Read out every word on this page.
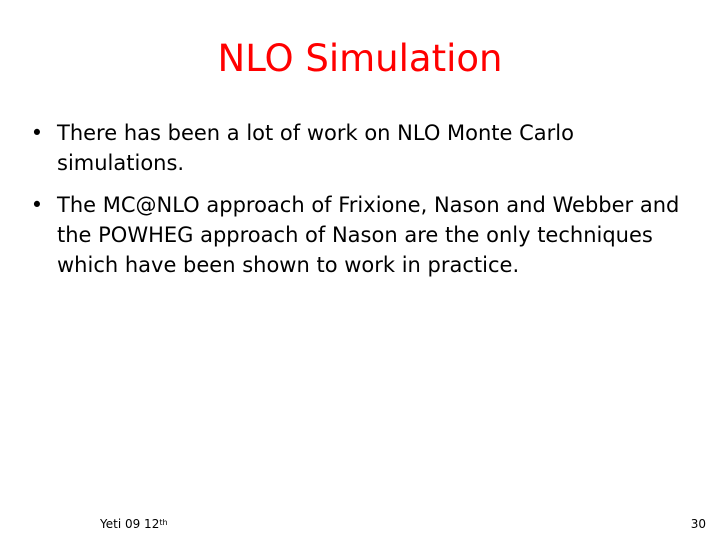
NLO Simulation
• There has been a lot of work on NLO Monte Carlo simulations.
• The MC@NLO approach of Frixione, Nason and Webber and the POWHEG approach of Nason are the only techniques which have been shown to work in practice.
Yeti 09 12th	30
